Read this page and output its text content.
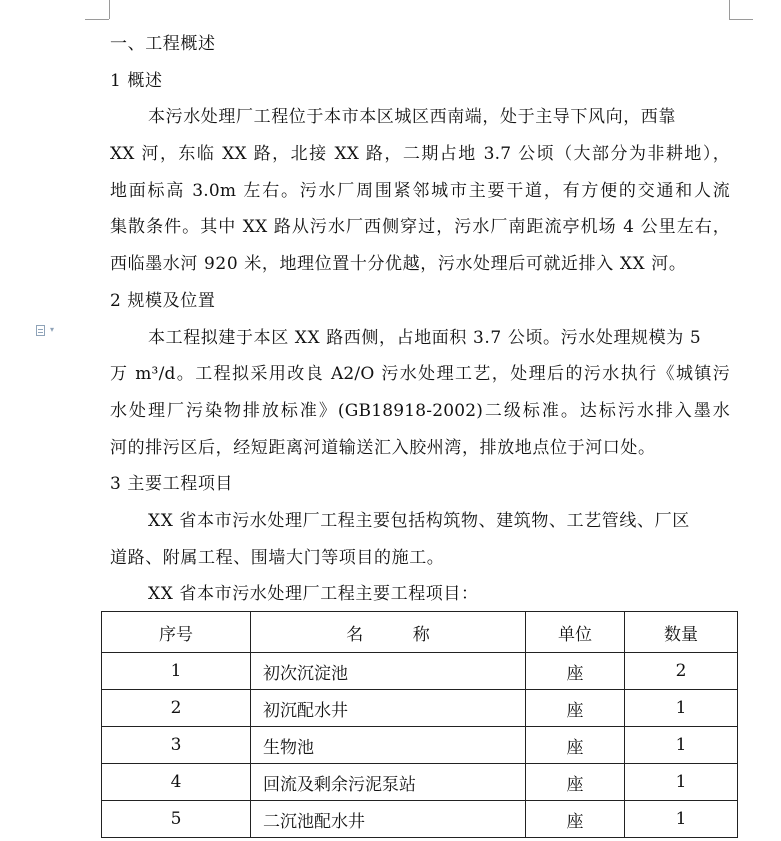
▾
一、工程概述
1 概述
本污水处理厂工程位于本市本区城区西南端，处于主导下风向，西靠
XX 河，东临 XX 路，北接 XX 路，二期占地 3.7 公顷（大部分为非耕地），
地面标高 3.0m 左右。污水厂周围紧邻城市主要干道，有方便的交通和人流
集散条件。其中 XX 路从污水厂西侧穿过，污水厂南距流亭机场 4 公里左右，
西临墨水河 920 米，地理位置十分优越，污水处理后可就近排入 XX 河。
2 规模及位置
本工程拟建于本区 XX 路西侧，占地面积 3.7 公顷。污水处理规模为 5
万 m³/d。工程拟采用改良 A2/O 污水处理工艺，处理后的污水执行《城镇污
水处理厂污染物排放标准》(GB18918-2002)二级标准。达标污水排入墨水
河的排污区后，经短距离河道输送汇入胶州湾，排放地点位于河口处。
3 主要工程项目
XX 省本市污水处理厂工程主要包括构筑物、建筑物、工艺管线、厂区
道路、附属工程、围墙大门等项目的施工。
XX 省本市污水处理厂工程主要工程项目：
序号	名 称	单位	数量
1	初次沉淀池	座	2
2	初沉配水井	座	1
3	生物池	座	1
4	回流及剩余污泥泵站	座	1
5	二沉池配水井	座	1
